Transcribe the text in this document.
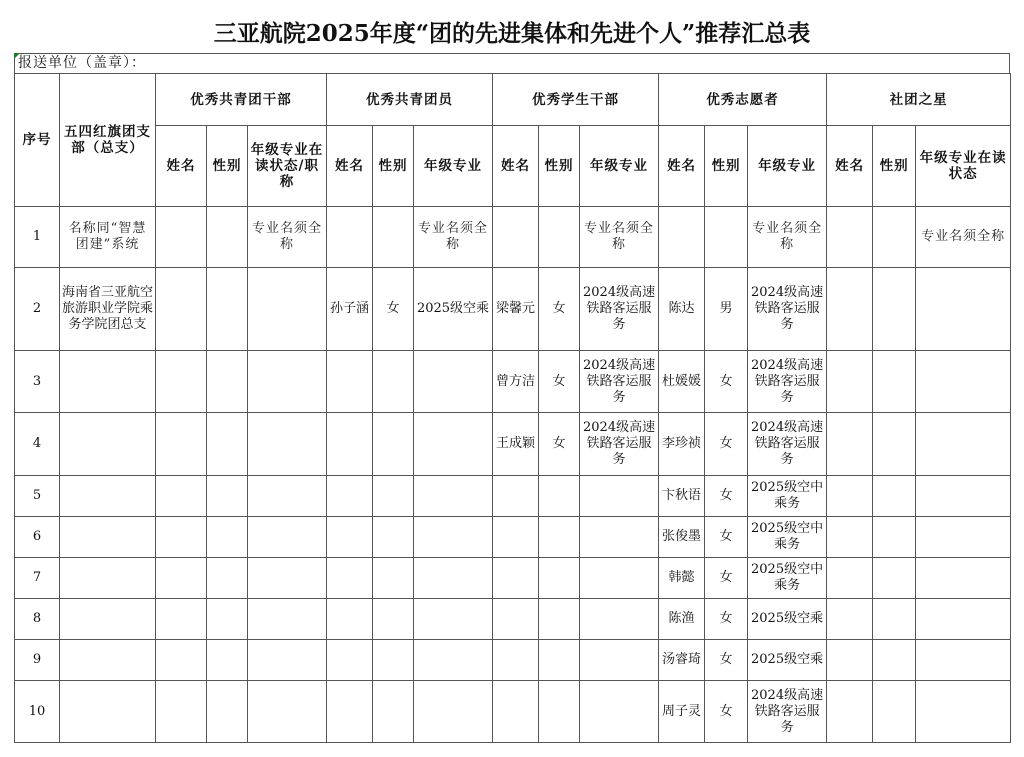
三亚航院2025年度“团的先进集体和先进个人”推荐汇总表
报送单位（盖章）：
序号	五四红旗团支部（总支）	优秀共青团干部			优秀共青团员			优秀学生干部			优秀志愿者			社团之星		
		姓名	性别	年级专业在读状态/职称	姓名	性别	年级专业	姓名	性别	年级专业	姓名	性别	年级专业	姓名	性别	年级专业在读状态
1	名称同“智慧团建”系统			专业名须全称			专业名须全称			专业名须全称			专业名须全称			专业名须全称
2	海南省三亚航空旅游职业学院乘务学院团总支				孙子涵	女	2025级空乘	梁馨元	女	2024级高速铁路客运服务	陈达	男	2024级高速铁路客运服务			
3								曾方洁	女	2024级高速铁路客运服务	杜媛媛	女	2024级高速铁路客运服务			
4								王成颖	女	2024级高速铁路客运服务	李珍祯	女	2024级高速铁路客运服务			
5											卞秋语	女	2025级空中乘务			
6											张俊墨	女	2025级空中乘务			
7											韩懿	女	2025级空中乘务			
8											陈渔	女	2025级空乘			
9											汤睿琦	女	2025级空乘			
10											周子灵	女	2024级高速铁路客运服务			
